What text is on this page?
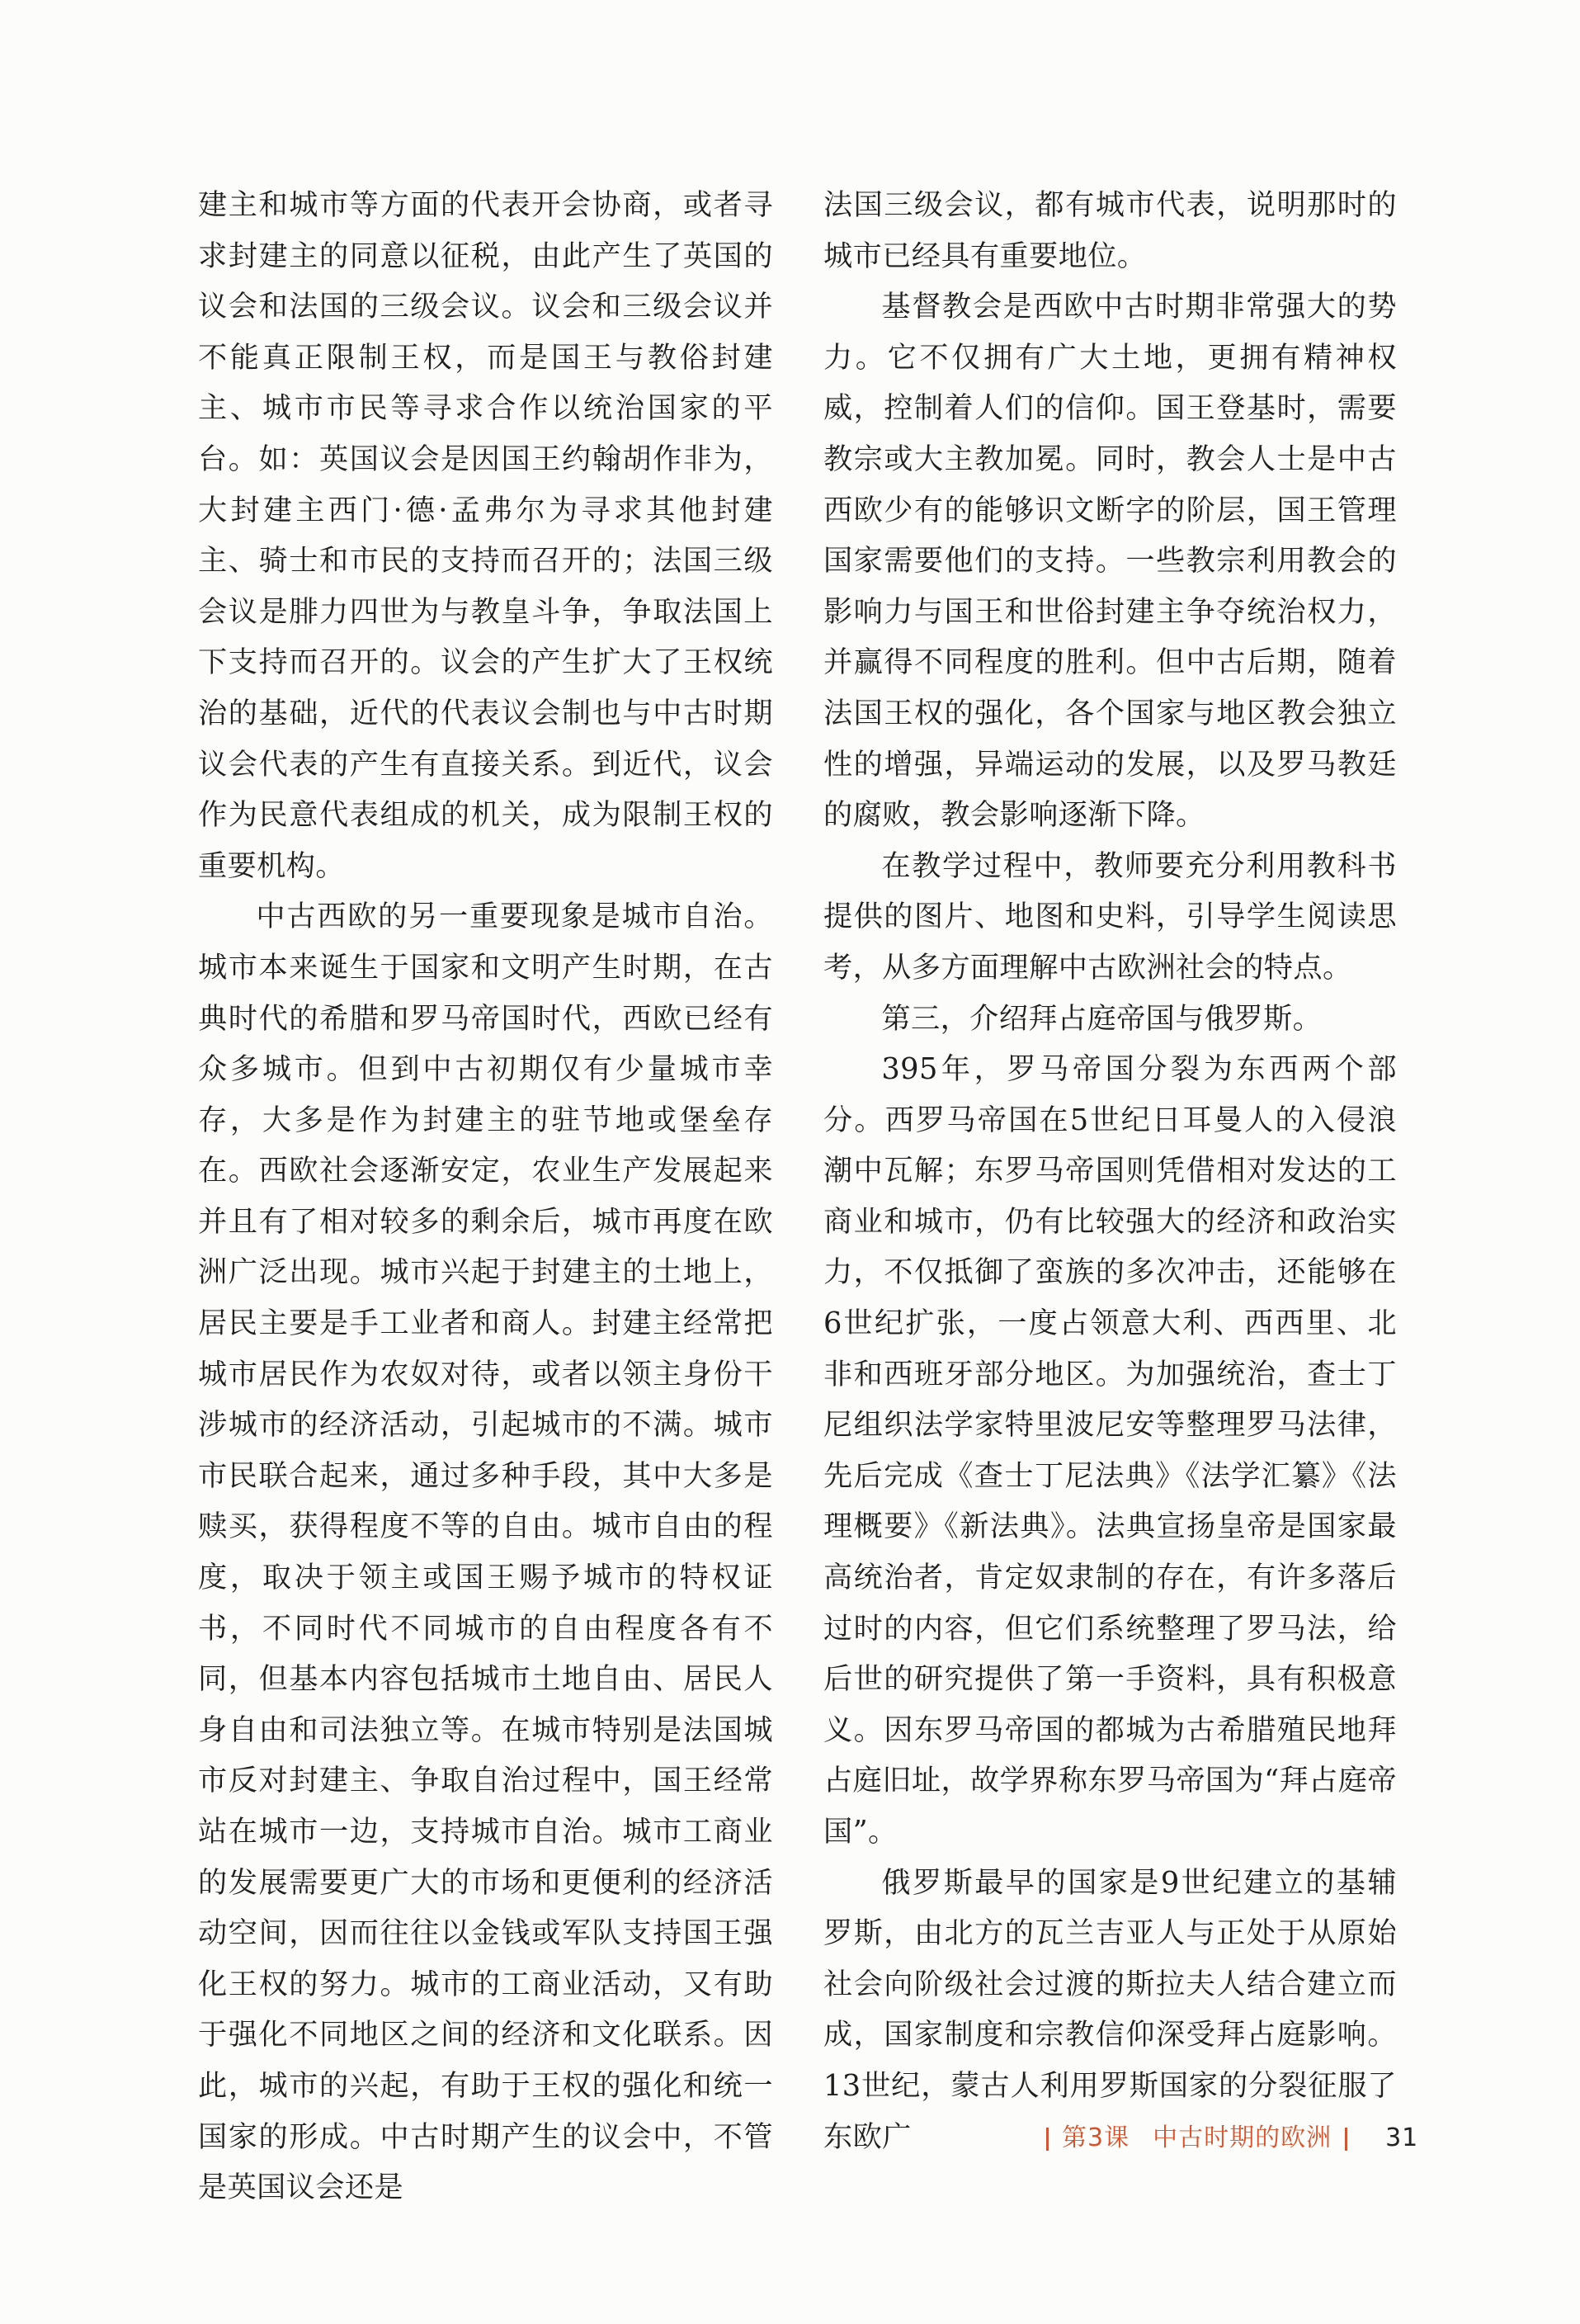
建主和城市等方面的代表开会协商，或者寻求封建主的同意以征税，由此产生了英国的议会和法国的三级会议。议会和三级会议并不能真正限制王权，而是国王与教俗封建主、城市市民等寻求合作以统治国家的平台。如：英国议会是因国王约翰胡作非为，大封建主西门·德·孟弗尔为寻求其他封建主、骑士和市民的支持而召开的；法国三级会议是腓力四世为与教皇斗争，争取法国上下支持而召开的。议会的产生扩大了王权统治的基础，近代的代表议会制也与中古时期议会代表的产生有直接关系。到近代，议会作为民意代表组成的机关，成为限制王权的重要机构。

中古西欧的另一重要现象是城市自治。城市本来诞生于国家和文明产生时期，在古典时代的希腊和罗马帝国时代，西欧已经有众多城市。但到中古初期仅有少量城市幸存，大多是作为封建主的驻节地或堡垒存在。西欧社会逐渐安定，农业生产发展起来并且有了相对较多的剩余后，城市再度在欧洲广泛出现。城市兴起于封建主的土地上，居民主要是手工业者和商人。封建主经常把城市居民作为农奴对待，或者以领主身份干涉城市的经济活动，引起城市的不满。城市市民联合起来，通过多种手段，其中大多是赎买，获得程度不等的自由。城市自由的程度，取决于领主或国王赐予城市的特权证书，不同时代不同城市的自由程度各有不同，但基本内容包括城市土地自由、居民人身自由和司法独立等。在城市特别是法国城市反对封建主、争取自治过程中，国王经常站在城市一边，支持城市自治。城市工商业的发展需要更广大的市场和更便利的经济活动空间，因而往往以金钱或军队支持国王强化王权的努力。城市的工商业活动，又有助于强化不同地区之间的经济和文化联系。因此，城市的兴起，有助于王权的强化和统一国家的形成。中古时期产生的议会中，不管是英国议会还是

法国三级会议，都有城市代表，说明那时的城市已经具有重要地位。

基督教会是西欧中古时期非常强大的势力。它不仅拥有广大土地，更拥有精神权威，控制着人们的信仰。国王登基时，需要教宗或大主教加冕。同时，教会人士是中古西欧少有的能够识文断字的阶层，国王管理国家需要他们的支持。一些教宗利用教会的影响力与国王和世俗封建主争夺统治权力，并赢得不同程度的胜利。但中古后期，随着法国王权的强化，各个国家与地区教会独立性的增强，异端运动的发展，以及罗马教廷的腐败，教会影响逐渐下降。

在教学过程中，教师要充分利用教科书提供的图片、地图和史料，引导学生阅读思考，从多方面理解中古欧洲社会的特点。

第三，介绍拜占庭帝国与俄罗斯。

395年，罗马帝国分裂为东西两个部分。西罗马帝国在5世纪日耳曼人的入侵浪潮中瓦解；东罗马帝国则凭借相对发达的工商业和城市，仍有比较强大的经济和政治实力，不仅抵御了蛮族的多次冲击，还能够在6世纪扩张，一度占领意大利、西西里、北非和西班牙部分地区。为加强统治，查士丁尼组织法学家特里波尼安等整理罗马法律，先后完成《查士丁尼法典》《法学汇纂》《法理概要》《新法典》。法典宣扬皇帝是国家最高统治者，肯定奴隶制的存在，有许多落后过时的内容，但它们系统整理了罗马法，给后世的研究提供了第一手资料，具有积极意义。因东罗马帝国的都城为古希腊殖民地拜占庭旧址，故学界称东罗马帝国为“拜占庭帝国”。

俄罗斯最早的国家是9世纪建立的基辅罗斯，由北方的瓦兰吉亚人与正处于从原始社会向阶级社会过渡的斯拉夫人结合建立而成，国家制度和宗教信仰深受拜占庭影响。13世纪，蒙古人利用罗斯国家的分裂征服了东欧广	第3课 中古时期的欧洲 31
